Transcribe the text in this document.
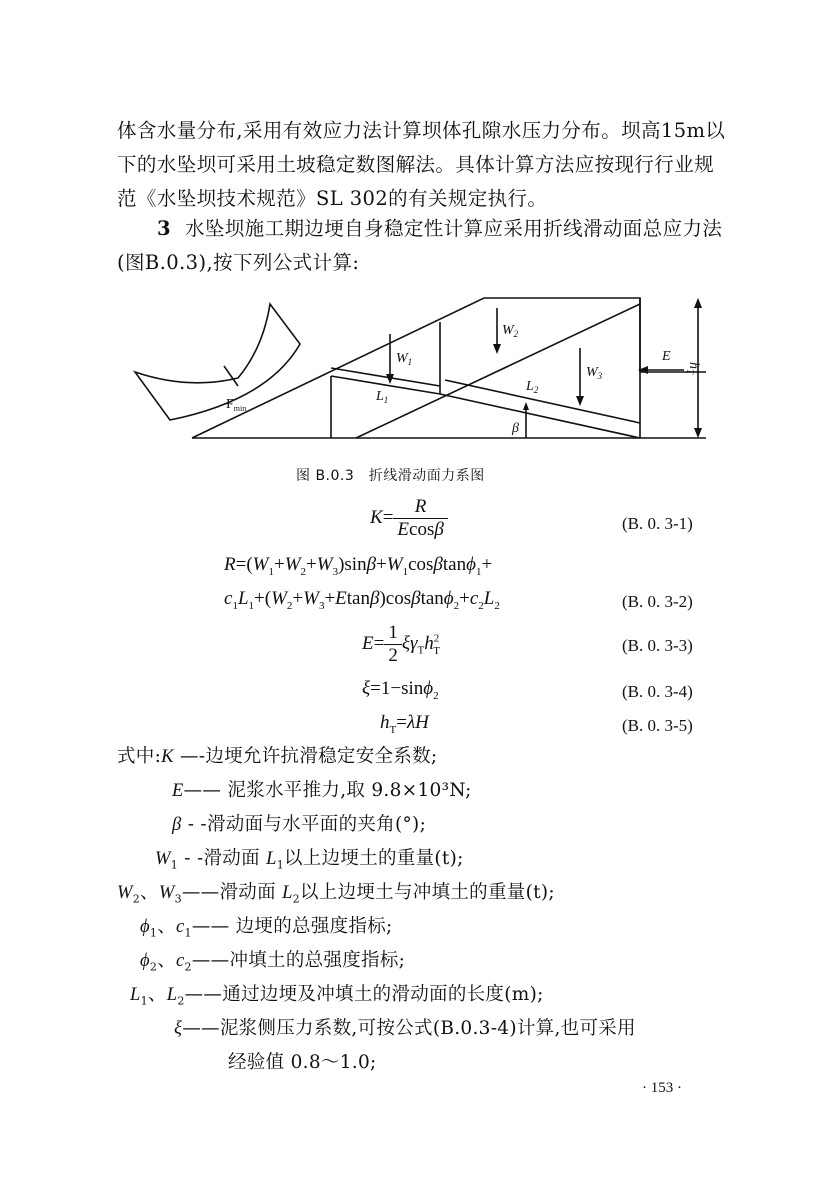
体含水量分布,采用有效应力法计算坝体孔隙水压力分布。坝高15m以下的水坠坝可采用土坡稳定数图解法。具体计算方法应按现行行业规范《水坠坝技术规范》SL 302的有关规定执行。

3 水坠坝施工期边埂自身稳定性计算应采用折线滑动面总应力法(图B.0.3),按下列公式计算:

$W_1$
$W_2$
$W_3$
E
$h_T$
$L_1$
$L_2$
β
$F_{min}$
图 B.0.3　折线滑动面力系图
$K= \frac{R}{Ecos\beta}$	(B. 0. 3-1)
$R=(W_1+W_2+W_3)\sin\beta+W_1\cos\beta\tan\phi_1+$
$c_1L_1+(W_2+W_3+Etan\beta)\cos\beta\tan\phi_2+c_2L_2$	(B. 0. 3-2)
$E= \frac{1}{2} \xi\gamma_Th^2_T$	(B. 0. 3-3)
ξ=1−sinϕ$_2$	(B. 0. 3-4)
$h_T=\lambda H$	(B. 0. 3-5)
式中:K —-边埂允许抗滑稳定安全系数;
E—— 泥浆水平推力,取 9.8×10³N;
β - -滑动面与水平面的夹角(°);
$W_1$ - -滑动面 $L_1$以上边埂土的重量(t);
$W_2$、$W_3——$滑动面 $L_2$以上边埂土与冲填土的重量(t);
$\phi_1$、$c_1——$ 边埂的总强度指标;
$\phi_2$、$c_2——$冲填土的总强度指标;
$L_1$、$L_2——$通过边埂及冲填土的滑动面的长度(m);
ξ——泥浆侧压力系数,可按公式(B.0.3-4)计算,也可采用
经验值 0.8～1.0;
· 153 ·
